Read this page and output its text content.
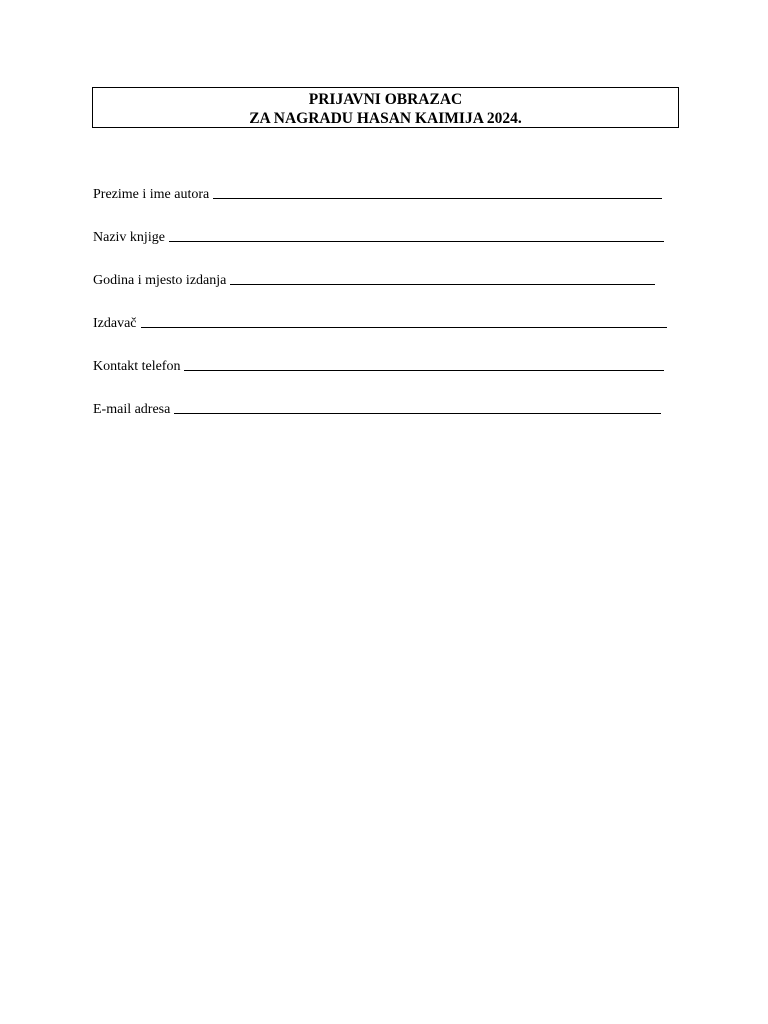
PRIJAVNI OBRAZAC
ZA NAGRADU HASAN KAIMIJA 2024.
Prezime i ime autora
Naziv knjige
Godina i mjesto izdanja
Izdavač
Kontakt telefon
E-mail adresa
